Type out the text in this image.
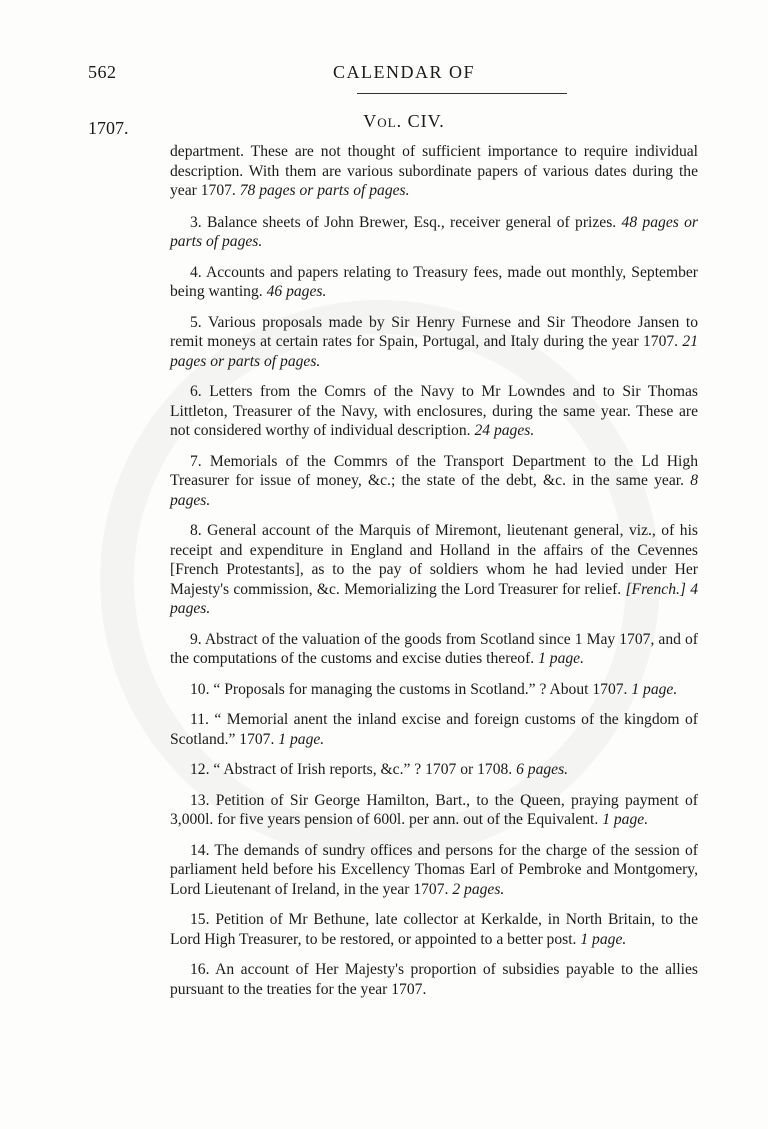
562	CALENDAR OF
1707.	Vol. CIV.

department. These are not thought of sufficient importance to require individual description. With them are various subordinate papers of various dates during the year 1707. 78 pages or parts of pages.

3. Balance sheets of John Brewer, Esq., receiver general of prizes. 48 pages or parts of pages.

4. Accounts and papers relating to Treasury fees, made out monthly, September being wanting. 46 pages.

5. Various proposals made by Sir Henry Furnese and Sir Theodore Jansen to remit moneys at certain rates for Spain, Portugal, and Italy during the year 1707. 21 pages or parts of pages.

6. Letters from the Comrs of the Navy to Mr Lowndes and to Sir Thomas Littleton, Treasurer of the Navy, with enclosures, during the same year. These are not considered worthy of individual description. 24 pages.

7. Memorials of the Commrs of the Transport Department to the Ld High Treasurer for issue of money, &c.; the state of the debt, &c. in the same year. 8 pages.

8. General account of the Marquis of Miremont, lieutenant general, viz., of his receipt and expenditure in England and Holland in the affairs of the Cevennes [French Protestants], as to the pay of soldiers whom he had levied under Her Majesty's commission, &c. Memorializing the Lord Treasurer for relief. [French.] 4 pages.

9. Abstract of the valuation of the goods from Scotland since 1 May 1707, and of the computations of the customs and excise duties thereof. 1 page.

10. “ Proposals for managing the customs in Scotland.” ? About 1707. 1 page.

11. “ Memorial anent the inland excise and foreign customs of the kingdom of Scotland.” 1707. 1 page.

12. “ Abstract of Irish reports, &c.” ? 1707 or 1708. 6 pages.

13. Petition of Sir George Hamilton, Bart., to the Queen, praying payment of 3,000l. for five years pension of 600l. per ann. out of the Equivalent. 1 page.

14. The demands of sundry offices and persons for the charge of the session of parliament held before his Excellency Thomas Earl of Pembroke and Montgomery, Lord Lieutenant of Ireland, in the year 1707. 2 pages.

15. Petition of Mr Bethune, late collector at Kerkalde, in North Britain, to the Lord High Treasurer, to be restored, or appointed to a better post. 1 page.

16. An account of Her Majesty's proportion of subsidies payable to the allies pursuant to the treaties for the year 1707.
